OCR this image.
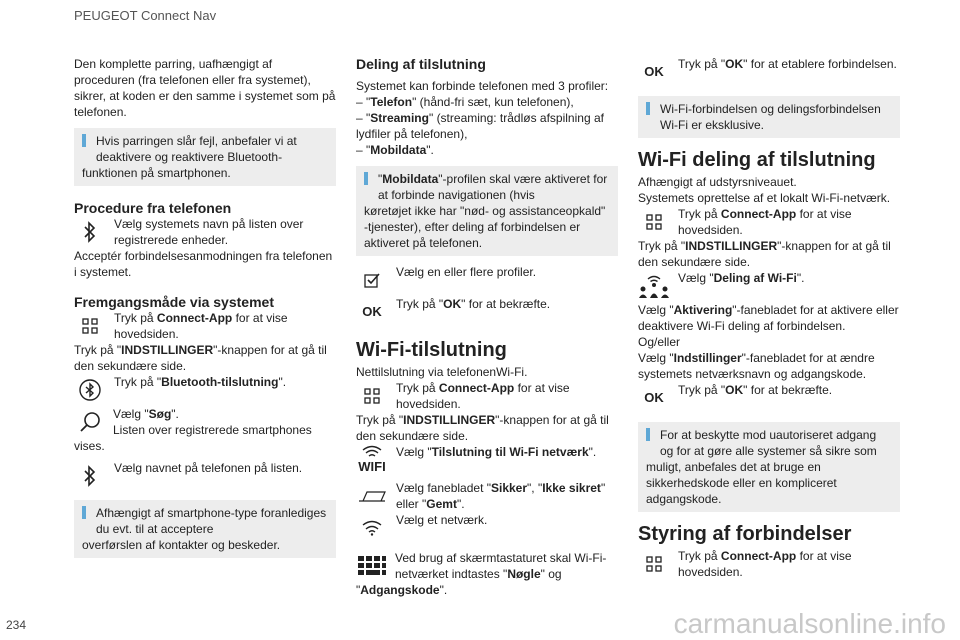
PEUGEOT Connect Nav
234	carmanualsonline.info

Den komplette parring, uafhængigt af proceduren (fra telefonen eller fra systemet), sikrer, at koden er den samme i systemet som på telefonen.

Hvis parringen slår fejl, anbefaler vi at deaktivere og reaktivere Bluetooth-
funktionen på smartphonen.

Procedure fra telefonen

Vælg systemets navn på listen over registrerede enheder.

Acceptér forbindelsesanmodningen fra telefonen i systemet.

Fremgangsmåde via systemet

Tryk på Connect-App for at vise hovedsiden.

Tryk på "INDSTILLINGER"-knappen for at gå til den sekundære side.

Tryk på "Bluetooth-tilslutning".
Vælg "Søg".
Listen over registrerede smartphones vises.
Vælg navnet på telefonen på listen.
Afhængigt af smartphone-type foranlediges du evt. til at acceptere
overførslen af kontakter og beskeder.

Deling af tilslutning

Systemet kan forbinde telefonen med 3 profiler:

– "Telefon" (hånd-fri sæt, kun telefonen),

– "Streaming" (streaming: trådløs afspilning af lydfiler på telefonen),

– "Mobildata".

"Mobildata"-profilen skal være aktiveret for at forbinde navigationen (hvis
køretøjet ikke har "nød- og assistanceopkald" -tjenester), efter deling af forbindelsen er aktiveret på telefonen.
Vælg en eller flere profiler.
OK	Tryk på "OK" for at bekræfte.

Wi-Fi-tilslutning

Nettilslutning via telefonenWi-Fi.

Tryk på Connect-App for at vise hovedsiden.

Tryk på "INDSTILLINGER"-knappen for at gå til den sekundære side.

WIFI
Vælg "Tilslutning til Wi-Fi netværk".
Vælg fanebladet "Sikker", "Ikke sikret" eller "Gemt".
Vælg et netværk.
Ved brug af skærmtastaturet skal Wi-Fi-netværket indtastes "Nøgle" og "Adgangskode".
OK	Tryk på "OK" for at etablere forbindelsen.
Wi-Fi-forbindelsen og delingsforbindelsen
Wi-Fi er eksklusive.

Wi-Fi deling af tilslutning

Afhængigt af udstyrsniveauet.

Systemets oprettelse af et lokalt Wi-Fi-netværk.

Tryk på Connect-App for at vise hovedsiden.

Tryk på "INDSTILLINGER"-knappen for at gå til den sekundære side.

Vælg "Deling af Wi-Fi".

Vælg "Aktivering"-fanebladet for at aktivere eller deaktivere Wi-Fi deling af forbindelsen.

Og/eller

Vælg "Indstillinger"-fanebladet for at ændre systemets netværksnavn og adgangskode.

OK	Tryk på "OK" for at bekræfte.
For at beskytte mod uautoriseret adgang og for at gøre alle systemer så sikre som
muligt, anbefales det at bruge en sikkerhedskode eller en kompliceret adgangskode.

Styring af forbindelser

Tryk på Connect-App for at vise hovedsiden.
